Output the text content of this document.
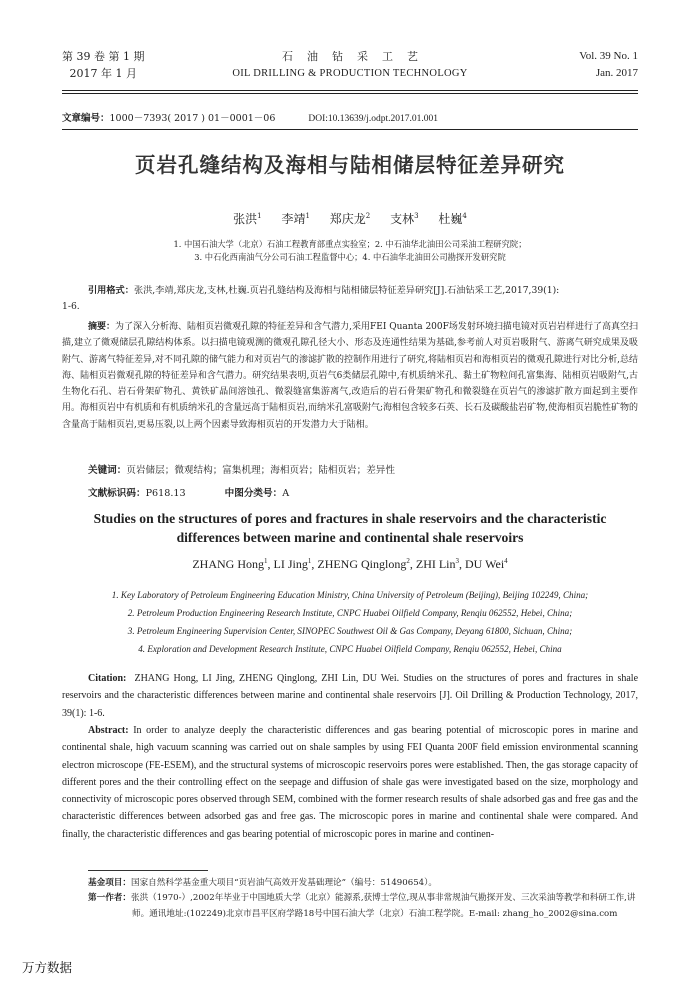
第 39 卷 第 1 期
2017 年 1 月
石油钻采工艺
OIL DRILLING & PRODUCTION TECHNOLOGY
Vol. 39 No. 1
Jan. 2017
文章编号：1000－7393( 2017 ) 01－0001－06	DOI:10.13639/j.odpt.2017.01.001
页岩孔缝结构及海相与陆相储层特征差异研究
张洪$^1$ 李靖$^1$ 郑庆龙$^2$ 支林$^3$ 杜巍$^4$
1. 中国石油大学（北京）石油工程教育部重点实验室；2. 中石油华北油田公司采油工程研究院；
3. 中石化西南油气分公司石油工程监督中心；4. 中石油华北油田公司勘探开发研究院
引用格式：张洪,李靖,郑庆龙,支林,杜巍.页岩孔缝结构及海相与陆相储层特征差异研究[J].石油钻采工艺,2017,39(1):
1-6.
摘要：为了深入分析海、陆相页岩微观孔隙的特征差异和含气潜力,采用FEI Quanta 200F场发射环境扫描电镜对页岩岩样进行了高真空扫描,建立了微观储层孔隙结构体系。以扫描电镜观测的微观孔隙孔径大小、形态及连通性结果为基础,参考前人对页岩吸附气、游离气研究成果及吸附气、游离气特征差异,对不同孔隙的储气能力和对页岩气的渗滤扩散的控制作用进行了研究,将陆相页岩和海相页岩的微观孔隙进行对比分析,总结海、陆相页岩微观孔隙的特征差异和含气潜力。研究结果表明,页岩气6类储层孔隙中,有机质纳米孔、黏土矿物粒间孔富集海、陆相页岩吸附气,古生物化石孔、岩石骨架矿物孔、黄铁矿晶间溶蚀孔、微裂缝富集游离气,改造后的岩石骨架矿物孔和微裂缝在页岩气的渗滤扩散方面起到主要作用。海相页岩中有机质和有机质纳米孔的含量远高于陆相页岩,而纳米孔富吸附气;海相包含较多石英、长石及碳酸盐岩矿物,使海相页岩脆性矿物的含量高于陆相页岩,更易压裂,以上两个因素导致海相页岩的开发潜力大于陆相。
关键词：页岩储层；微观结构；富集机理；海相页岩；陆相页岩；差异性
文献标识码：P618.13	中图分类号：A
Studies on the structures of pores and fractures in shale reservoirs and the characteristic
differences between marine and continental shale reservoirs
ZHANG Hong$^1$, LI Jing$^1$, ZHENG Qinglong$^2$, ZHI Lin$^3$, DU Wei$^4$
1. Key Laboratory of Petroleum Engineering Education Ministry, China University of Petroleum (Beijing), Beijing 102249, China;
2. Petroleum Production Engineering Research Institute, CNPC Huabei Oilfield Company, Renqiu 062552, Hebei, China;
3. Petroleum Engineering Supervision Center, SINOPEC Southwest Oil & Gas Company, Deyang 61800, Sichuan, China;
4. Exploration and Development Research Institute, CNPC Huabei Oilfield Company, Renqiu 062552, Hebei, China
Citation: ZHANG Hong, LI Jing, ZHENG Qinglong, ZHI Lin, DU Wei. Studies on the structures of pores and fractures in shale reservoirs and the characteristic differences between marine and continental shale reservoirs [J]. Oil Drilling & Production Technology, 2017, 39(1): 1-6.
Abstract: In order to analyze deeply the characteristic differences and gas bearing potential of microscopic pores in marine and continental shale, high vacuum scanning was carried out on shale samples by using FEI Quanta 200F field emission environmental scanning electron microscope (FE-ESEM), and the structural systems of microscopic reservoirs pores were established. Then, the gas storage capacity of different pores and the their controlling effect on the seepage and diffusion of shale gas were investigated based on the size, morphology and connectivity of microscopic pores observed through SEM, combined with the former research results of shale adsorbed gas and free gas and the characteristic differences between adsorbed gas and free gas. The microscopic pores in marine and continental shale were compared. And finally, the characteristic differences and gas bearing potential of microscopic pores in marine and continen-
基金项目：国家自然科学基金重大项目“页岩油气高效开发基础理论”（编号：51490654）。
第一作者：张洪（1970-）,2002年毕业于中国地质大学（北京）能源系,获博士学位,现从事非常规油气勘探开发、三次采油等教学和科研工作,讲师。通讯地址:(102249)北京市昌平区府学路18号中国石油大学（北京）石油工程学院。E-mail: zhang_ho_2002@sina.com
万方数据
